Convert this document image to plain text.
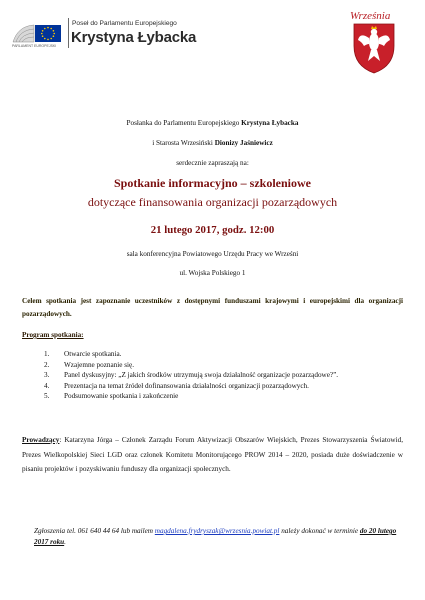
PARLAMENT EUROPEJSKI
Poseł do Parlamentu Europejskiego
Krystyna Łybacka
Września
Posłanka do Parlamentu Europejskiego Krystyna Łybacka
i Starosta Wrzesiński Dionizy Jaśniewicz
serdecznie zapraszają na:
Spotkanie informacyjno – szkoleniowe
dotyczące finansowania organizacji pozarządowych
21 lutego 2017, godz. 12:00
sala konferencyjna Powiatowego Urzędu Pracy we Wrześni
ul. Wojska Polskiego 1
Celem spotkania jest zapoznanie uczestników z dostępnymi funduszami krajowymi i europejskimi dla organizacji pozarządowych.
Program spotkania:
1. Otwarcie spotkania.
2. Wzajemne poznanie się.
3. Panel dyskusyjny: „Z jakich środków utrzymują swoja działalność organizacje pozarządowe?”.
4. Prezentacja na temat źródeł dofinansowania działalności organizacji pozarządowych.
5. Podsumowanie spotkania i zakończenie
Prowadzący: Katarzyna Jórga – Członek Zarządu Forum Aktywizacji Obszarów Wiejskich, Prezes Stowarzyszenia Światowid, Prezes Wielkopolskiej Sieci LGD oraz członek Komitetu Monitorującego PROW 2014 – 2020, posiada duże doświadczenie w pisaniu projektów i pozyskiwaniu funduszy dla organizacji społecznych.
Zgłoszenia tel. 061 640 44 64 lub mailem magdalena.frydryszak@wrzesnia.powiat.pl należy dokonać w terminie do 20 lutego 2017 roku.
